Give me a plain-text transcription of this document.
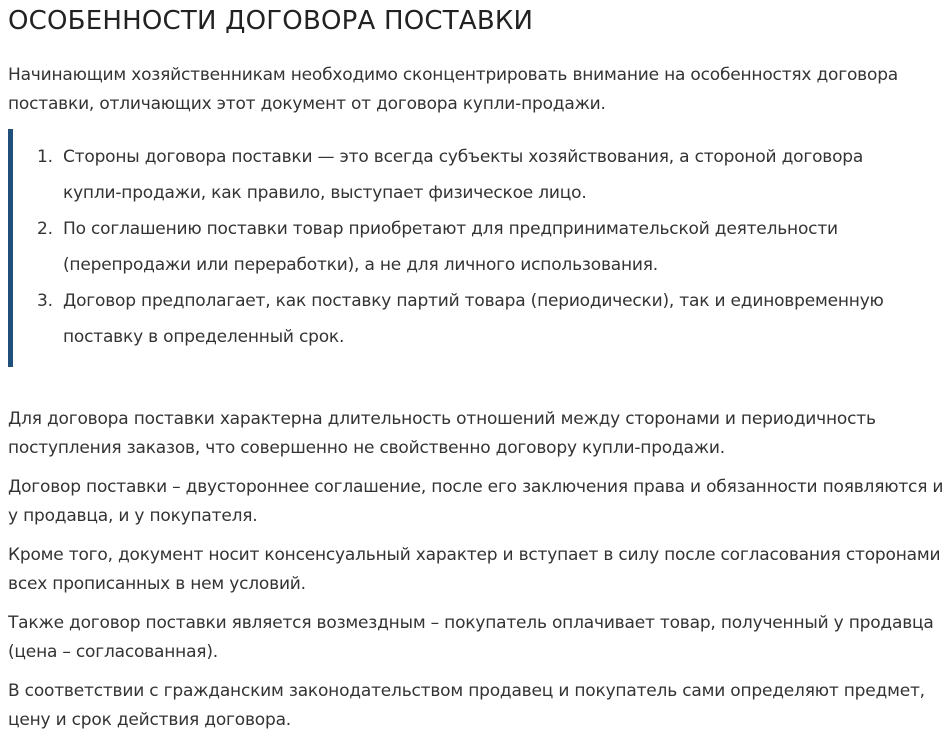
ОСОБЕННОСТИ ДОГОВОРА ПОСТАВКИ

Начинающим хозяйственникам необходимо сконцентрировать внимание на особенностях договора поставки, отличающих этот документ от договора купли-продажи.

1. Стороны договора поставки — это всегда субъекты хозяйствования, а стороной договора купли-продажи, как правило, выступает физическое лицо.
2. По соглашению поставки товар приобретают для предпринимательской деятельности (перепродажи или переработки), а не для личного использования.
3. Договор предполагает, как поставку партий товара (периодически), так и единовременную поставку в определенный срок.

Для договора поставки характерна длительность отношений между сторонами и периодичность поступления заказов, что совершенно не свойственно договору купли-продажи.

Договор поставки – двустороннее соглашение, после его заключения права и обязанности появляются и у продавца, и у покупателя.

Кроме того, документ носит консенсуальный характер и вступает в силу после согласования сторонами всех прописанных в нем условий.

Также договор поставки является возмездным – покупатель оплачивает товар, полученный у продавца (цена – согласованная).

В соответствии с гражданским законодательством продавец и покупатель сами определяют предмет, цену и срок действия договора.
